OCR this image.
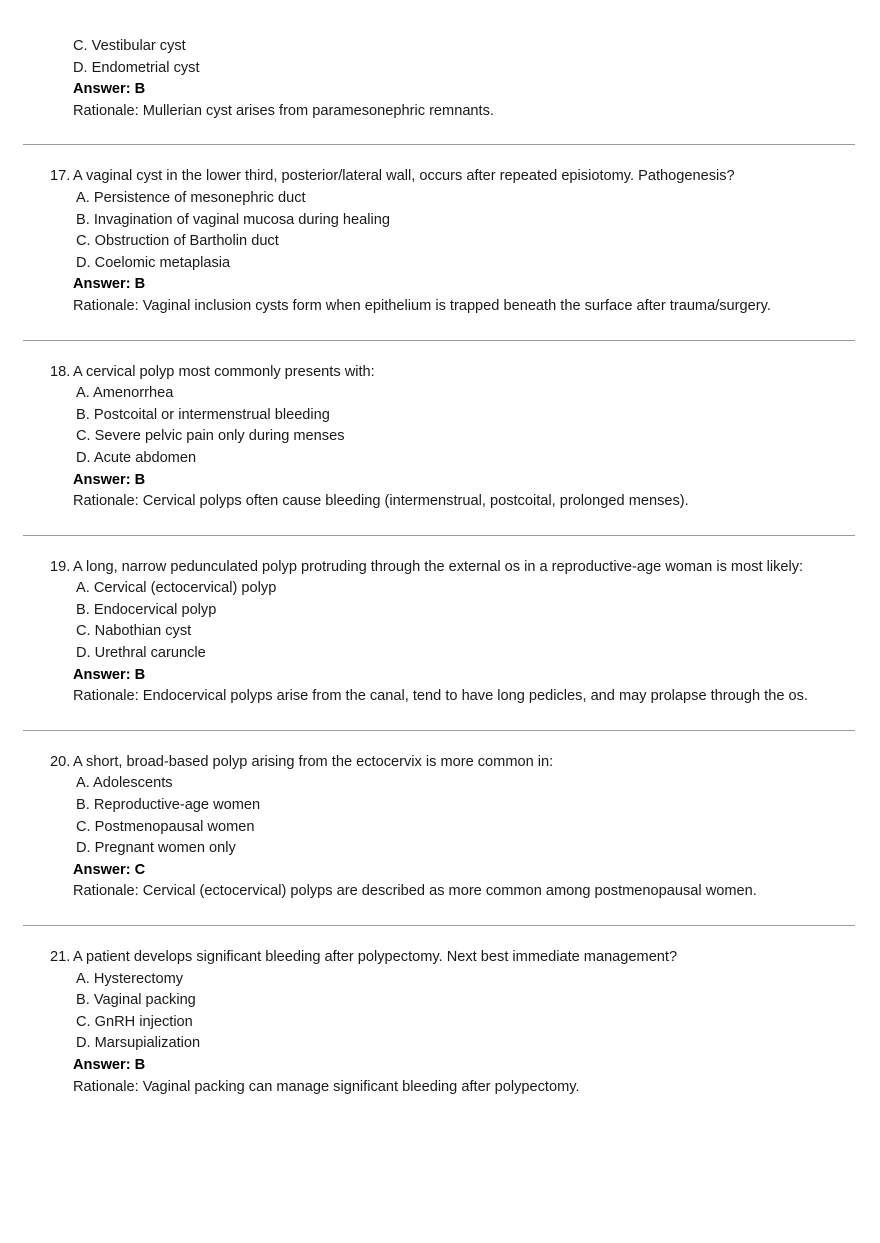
C. Vestibular cyst

D. Endometrial cyst

Answer: B

Rationale: Mullerian cyst arises from paramesonephric remnants.

17. A vaginal cyst in the lower third, posterior/lateral wall, occurs after repeated episiotomy. Pathogenesis?

A. Persistence of mesonephric duct

B. Invagination of vaginal mucosa during healing

C. Obstruction of Bartholin duct

D. Coelomic metaplasia

Answer: B

Rationale: Vaginal inclusion cysts form when epithelium is trapped beneath the surface after trauma/surgery.

18. A cervical polyp most commonly presents with:

A. Amenorrhea

B. Postcoital or intermenstrual bleeding

C. Severe pelvic pain only during menses

D. Acute abdomen

Answer: B

Rationale: Cervical polyps often cause bleeding (intermenstrual, postcoital, prolonged menses).

19. A long, narrow pedunculated polyp protruding through the external os in a reproductive-age woman is most likely:

A. Cervical (ectocervical) polyp

B. Endocervical polyp

C. Nabothian cyst

D. Urethral caruncle

Answer: B

Rationale: Endocervical polyps arise from the canal, tend to have long pedicles, and may prolapse through the os.

20. A short, broad-based polyp arising from the ectocervix is more common in:

A. Adolescents

B. Reproductive-age women

C. Postmenopausal women

D. Pregnant women only

Answer: C

Rationale: Cervical (ectocervical) polyps are described as more common among postmenopausal women.

21. A patient develops significant bleeding after polypectomy. Next best immediate management?

A. Hysterectomy

B. Vaginal packing

C. GnRH injection

D. Marsupialization

Answer: B

Rationale: Vaginal packing can manage significant bleeding after polypectomy.
